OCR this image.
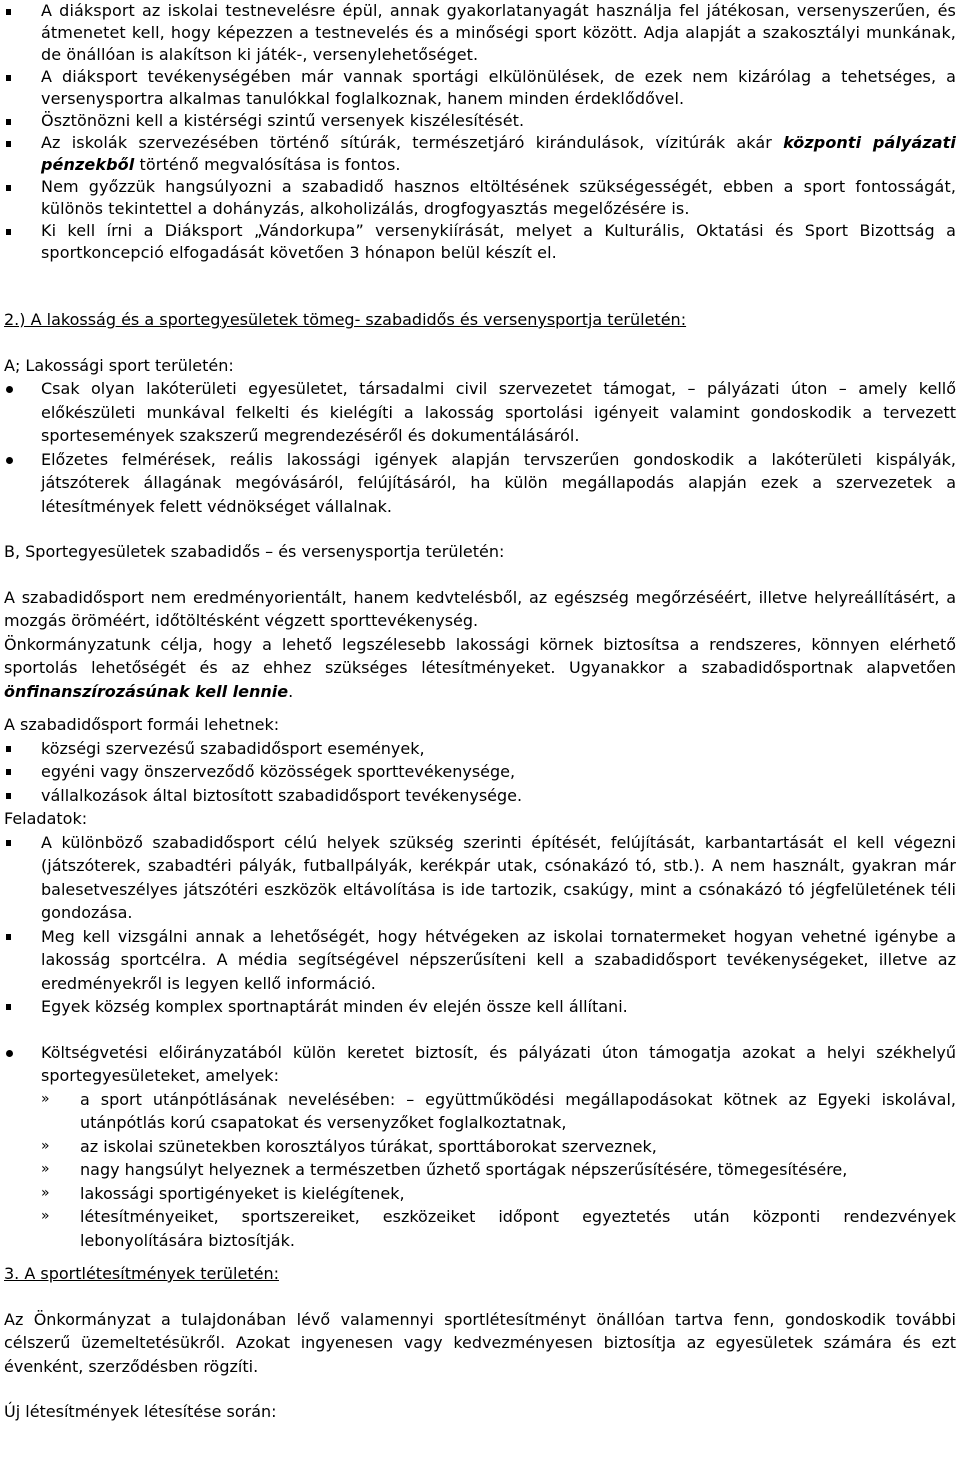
A diáksport az iskolai testnevelésre épül, annak gyakorlatanyagát használja fel játékosan, versenyszerűen, és átmenetet kell, hogy képezzen a testnevelés és a minőségi sport között. Adja alapját a szakosztályi munkának, de önállóan is alakítson ki játék-, versenylehetőséget.
A diáksport tevékenységében már vannak sportági elkülönülések, de ezek nem kizárólag a tehetséges, a versenysportra alkalmas tanulókkal foglalkoznak, hanem minden érdeklődővel.
Ösztönözni kell a kistérségi szintű versenyek kiszélesítését.
Az iskolák szervezésében történő sítúrák, természetjáró kirándulások, vízitúrák akár központi pályázati pénzekből történő megvalósítása is fontos.
Nem győzzük hangsúlyozni a szabadidő hasznos eltöltésének szükségességét, ebben a sport fontosságát, különös tekintettel a dohányzás, alkoholizálás, drogfogyasztás megelőzésére is.
Ki kell írni a Diáksport „Vándorkupa” versenykiírását, melyet a Kulturális, Oktatási és Sport Bizottság a sportkoncepció elfogadását követően 3 hónapon belül készít el.

2.) A lakosság és a sportegyesületek tömeg- szabadidős és versenysportja területén:

A; Lakossági sport területén:

Csak olyan lakóterületi egyesületet, társadalmi civil szervezetet támogat, – pályázati úton – amely kellő előkészületi munkával felkelti és kielégíti a lakosság sportolási igényeit valamint gondoskodik a tervezett sportesemények szakszerű megrendezéséről és dokumentálásáról.
Előzetes felmérések, reális lakossági igények alapján tervszerűen gondoskodik a lakóterületi kispályák, játszóterek állagának megóvásáról, felújításáról, ha külön megállapodás alapján ezek a szervezetek a létesítmények felett védnökséget vállalnak.

B, Sportegyesületek szabadidős – és versenysportja területén:

A szabadidősport nem eredményorientált, hanem kedvtelésből, az egészség megőrzéséért, illetve helyreállításért, a mozgás öröméért, időtöltésként végzett sporttevékenység.

Önkormányzatunk célja, hogy a lehető legszélesebb lakossági körnek biztosítsa a rendszeres, könnyen elérhető sportolás lehetőségét és az ehhez szükséges létesítményeket. Ugyanakkor a szabadidősportnak alapvetően önfinanszírozásúnak kell lennie.

A szabadidősport formái lehetnek:

községi szervezésű szabadidősport események,
egyéni vagy önszerveződő közösségek sporttevékenysége,
vállalkozások által biztosított szabadidősport tevékenysége.

Feladatok:

A különböző szabadidősport célú helyek szükség szerinti építését, felújítását, karbantartását el kell végezni (játszóterek, szabadtéri pályák, futballpályák, kerékpár utak, csónakázó tó, stb.). A nem használt, gyakran már balesetveszélyes játszótéri eszközök eltávolítása is ide tartozik, csakúgy, mint a csónakázó tó jégfelületének téli gondozása.
Meg kell vizsgálni annak a lehetőségét, hogy hétvégeken az iskolai tornatermeket hogyan vehetné igénybe a lakosság sportcélra. A média segítségével népszerűsíteni kell a szabadidősport tevékenységeket, illetve az eredményekről is legyen kellő információ.
Egyek község komplex sportnaptárát minden év elején össze kell állítani.
Költségvetési előirányzatából külön keretet biztosít, és pályázati úton támogatja azokat a helyi székhelyű sportegyesületeket, amelyek:
» a sport utánpótlásának nevelésében: – együttműködési megállapodásokat kötnek az Egyeki iskolával, utánpótlás korú csapatokat és versenyzőket foglalkoztatnak,
» az iskolai szünetekben korosztályos túrákat, sporttáborokat szerveznek,
» nagy hangsúlyt helyeznek a természetben űzhető sportágak népszerűsítésére, tömegesítésére,
» lakossági sportigényeket is kielégítenek,
» létesítményeiket, sportszereiket, eszközeiket időpont egyeztetés után központi rendezvények lebonyolítására biztosítják.

3. A sportlétesítmények területén:

Az Önkormányzat a tulajdonában lévő valamennyi sportlétesítményt önállóan tartva fenn, gondoskodik további célszerű üzemeltetésükről. Azokat ingyenesen vagy kedvezményesen biztosítja az egyesületek számára és ezt évenként, szerződésben rögzíti.

Új létesítmények létesítése során:
